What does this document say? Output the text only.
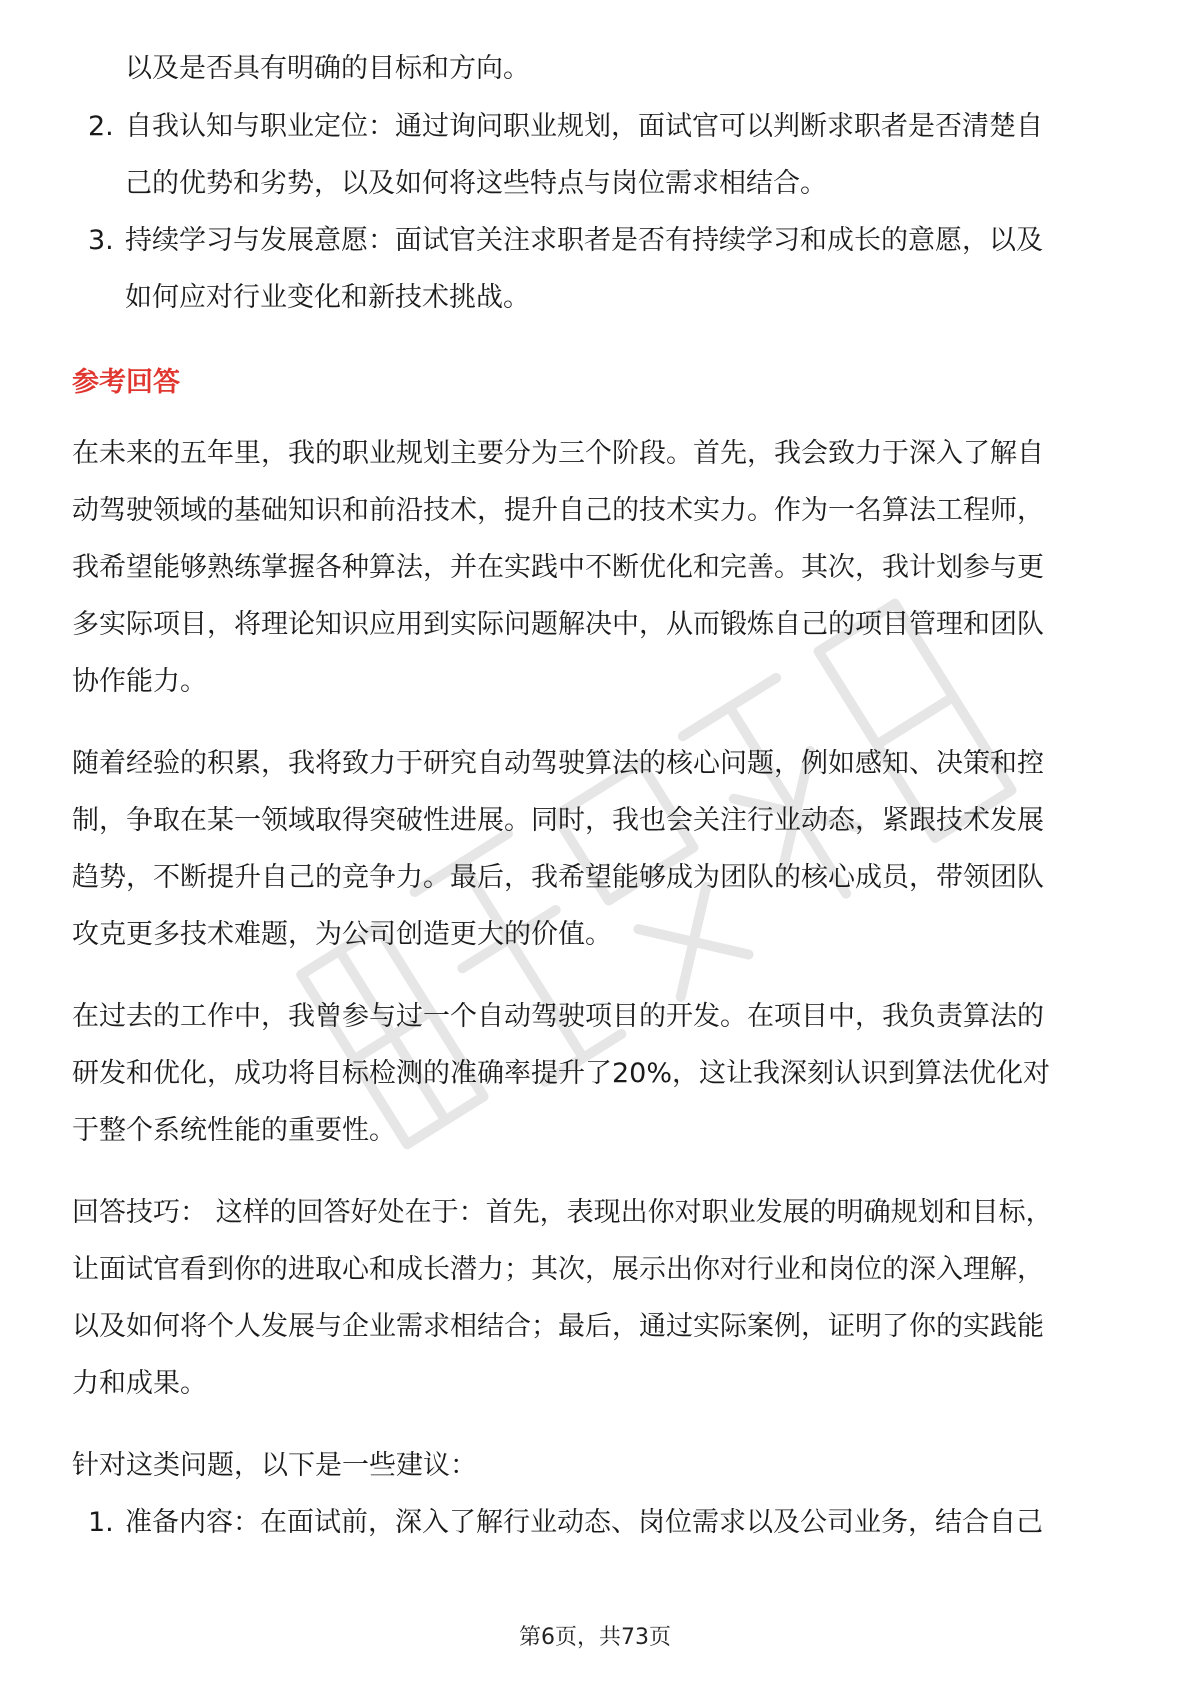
以及是否具有明确的目标和方向。

2. 自我认知与职业定位：通过询问职业规划，面试官可以判断求职者是否清楚自
己的优势和劣势，以及如何将这些特点与岗位需求相结合。
3. 持续学习与发展意愿：面试官关注求职者是否有持续学习和成长的意愿，以及
如何应对行业变化和新技术挑战。
参考回答

在未来的五年里，我的职业规划主要分为三个阶段。首先，我会致力于深入了解自
动驾驶领域的基础知识和前沿技术，提升自己的技术实力。作为一名算法工程师，
我希望能够熟练掌握各种算法，并在实践中不断优化和完善。其次，我计划参与更
多实际项目，将理论知识应用到实际问题解决中，从而锻炼自己的项目管理和团队
协作能力。

随着经验的积累，我将致力于研究自动驾驶算法的核心问题，例如感知、决策和控
制，争取在某一领域取得突破性进展。同时，我也会关注行业动态，紧跟技术发展
趋势，不断提升自己的竞争力。最后，我希望能够成为团队的核心成员，带领团队
攻克更多技术难题，为公司创造更大的价值。

在过去的工作中，我曾参与过一个自动驾驶项目的开发。在项目中，我负责算法的
研发和优化，成功将目标检测的准确率提升了20%，这让我深刻认识到算法优化对
于整个系统性能的重要性。

回答技巧： 这样的回答好处在于：首先，表现出你对职业发展的明确规划和目标，
让面试官看到你的进取心和成长潜力；其次，展示出你对行业和岗位的深入理解，
以及如何将个人发展与企业需求相结合；最后，通过实际案例，证明了你的实践能
力和成果。

针对这类问题，以下是一些建议：

1. 准备内容：在面试前，深入了解行业动态、岗位需求以及公司业务，结合自己
第6页，共73页
